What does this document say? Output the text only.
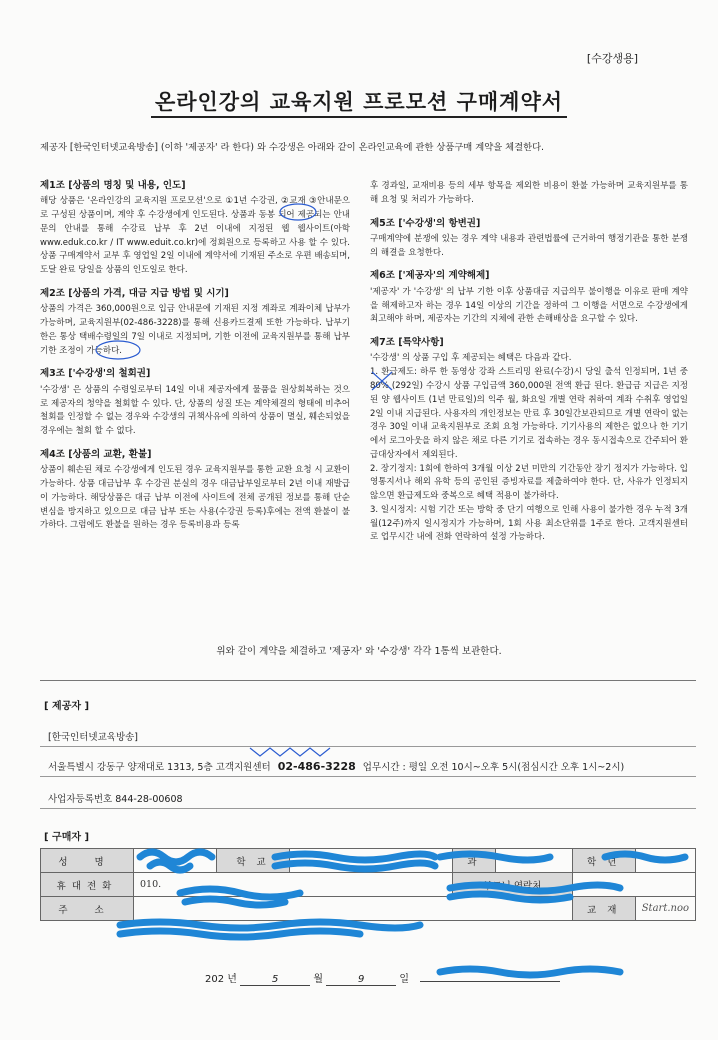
[수강생용]
온라인강의 교육지원 프로모션 구매계약서
제공자 [한국인터넷교육방송] (이하 '제공자' 라 한다) 와 수강생은 아래와 같이 온라인교육에 관한 상품구매 계약을 체결한다.
제1조 [상품의 명칭 및 내용, 인도]

해당 상품은 '온라인강의 교육지원 프로모션'으로 ①1년 수강권, ②교재 ③안내문으로 구성된 상품이며, 계약 후 수강생에게 인도된다. 상품과 동봉 되어 제공되는 안내문의 안내를 통해 수강료 납부 후 2년 이내에 지정된 웹 웹사이트(아학 www.eduk.co.kr / IT www.eduit.co.kr)에 정회원으로 등록하고 사용 할 수 있다. 상품 구매계약서 교부 후 영업일 2일 이내에 계약서에 기재된 주소로 우편 배송되며, 도달 완료 당일을 상품의 인도일로 한다.

제2조 [상품의 가격, 대금 지급 방법 및 시기]

상품의 가격은 360,000원으로 입금 안내문에 기재된 지정 계좌로 계좌이체 납부가 가능하며, 교육지원부(02-486-3228)를 통해 신용카드결제 또한 가능하다. 납부기한은 통상 택배수령일의 7일 이내로 지정되며, 기한 이전에 교육지원부를 통해 납부 기한 조정이 가능하다.

제3조 ['수강생'의 철회권]

'수강생' 은 상품의 수령일로부터 14일 이내 제공자에게 물품을 원상회복하는 것으로 제공자의 청약을 철회할 수 있다. 단, 상품의 성질 또는 계약체결의 형태에 비추어 철회를 인정할 수 없는 경우와 수강생의 귀책사유에 의하여 상품이 멸실, 훼손되었을 경우에는 철회 할 수 없다.

제4조 [상품의 교환, 환불]

상품이 훼손된 채로 수강생에게 인도된 경우 교육지원부를 통한 교환 요청 시 교환이 가능하다. 상품 대금납부 후 수강권 분실의 경우 대금납부일로부터 2년 이내 재발급이 가능하다. 해당상품은 대금 납부 이전에 사이트에 전체 공개된 정보를 통해 단순변심을 방지하고 있으므로 대금 납부 또는 사용(수강권 등록)후에는 전액 환불이 불가하다. 그럼에도 환불을 원하는 경우 등록비용과 등록

후 경과일, 교재비용 등의 세부 항목을 제외한 비용이 환불 가능하며 교육지원부를 통해 요청 및 처리가 가능하다.

제5조 ['수강생'의 항변권]

구매계약에 분쟁에 있는 경우 계약 내용과 관련법률에 근거하여 행정기관을 통한 분쟁의 해결을 요청한다.

제6조 ['제공자'의 계약해제]

'제공자' 가 '수강생' 의 납부 기한 이후 상품대금 지급의무 불이행을 이유로 판매 계약을 해제하고자 하는 경우 14일 이상의 기간을 정하여 그 이행을 서면으로 수강생에게 최고해야 하며, 제공자는 기간의 지체에 관한 손해배상을 요구할 수 있다.

제7조 [특약사항]

'수강생' 의 상품 구입 후 제공되는 혜택은 다음과 같다.

1. 환급제도: 하루 한 동영상 강좌 스트리밍 완료(수강)시 당일 출석 인정되며, 1년 중 80% (292일) 수강시 상품 구입금액 360,000원 전액 환급 된다. 환급금 지급은 지정된 양 웹사이트 (1년 만료일)의 익주 월, 화요일 개별 연락 취하여 계좌 수취후 영업일 2일 이내 지급된다. 사용자의 개인정보는 만료 후 30일간보관되므로 개별 연락이 없는 경우 30일 이내 교육지원부로 조회 요청 가능하다. 기기사용의 제한은 없으나 한 기기에서 로그아웃을 하지 않은 채로 다른 기기로 접속하는 경우 동시접속으로 간주되어 환급대상자에서 제외된다.

2. 장기정지: 1회에 한하여 3개월 이상 2년 미만의 기간동안 장기 정지가 가능하다. 입영통지서나 해외 유학 등의 공인된 증빙자료를 제출하여야 한다. 단, 사유가 인정되지 않으면 환급제도와 중복으로 혜택 적용이 불가하다.

3. 일시정지: 시험 기간 또는 방학 중 단기 여행으로 인해 사용이 불가한 경우 누적 3개월(12주)까지 일시정지가 가능하며, 1회 사용 최소단위를 1주로 한다. 고객지원센터로 업무시간 내에 전화 연락하여 설정 가능하다.

위와 같이 계약을 체결하고 '제공자' 와 '수강생' 각각 1통씩 보관한다.
[ 제공자 ]
[한국인터넷교육방송]
서울특별시 강동구 양재대로 1313, 5층 고객지원센터 02-486-3228 업무시간 : 평일 오전 10시~오후 5시(점심시간 오후 1시~2시)
사업자등록번호 844-28-00608
[ 구매자 ]
성 명		학 교		과		학 년	
휴대전화	010.			부모님 연락처			
주 소						교 재	Start.noo
202 년	5	월	9	일
